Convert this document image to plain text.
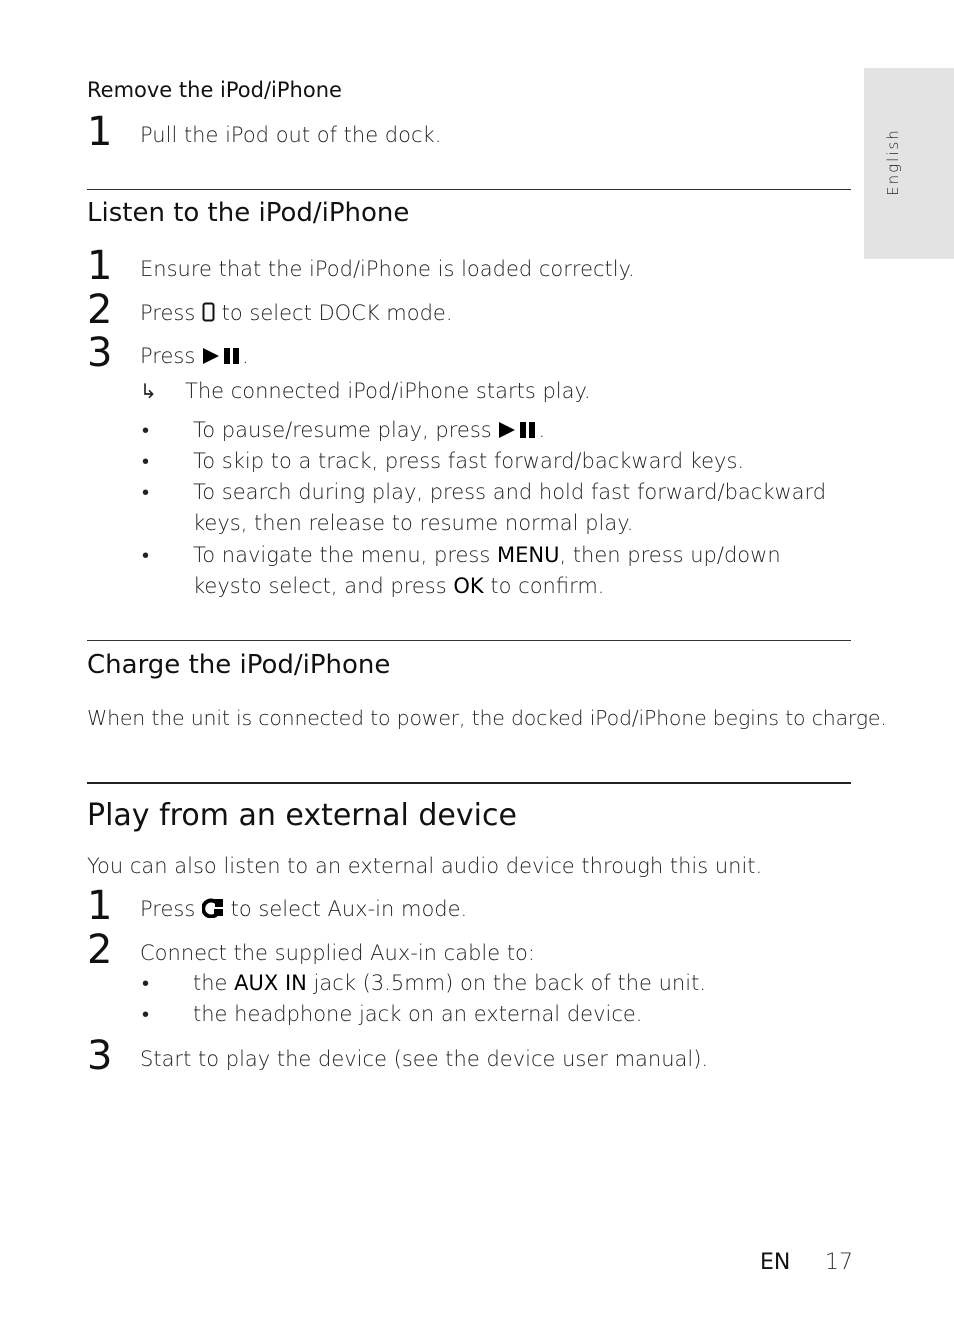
English
Remove the iPod/iPhone
1	Pull the iPod out of the dock.
Listen to the iPod/iPhone
1	Ensure that the iPod/iPhone is loaded correctly.
2	Press to select DOCK mode.
3	Press .
↳ The connected iPod/iPhone starts play.
• To pause/resume play, press .
• To skip to a track, press fast forward/backward keys.
• To search during play, press and hold fast forward/backward keys, then release to resume normal play.
• To navigate the menu, press MENU, then press up/down keysto select, and press OK to confirm.
Charge the iPod/iPhone
When the unit is connected to power, the docked iPod/iPhone begins to charge.
Play from an external device
You can also listen to an external audio device through this unit.
1	Press to select Aux-in mode.
2	Connect the supplied Aux-in cable to:
• the AUX IN jack (3.5mm) on the back of the unit.
• the headphone jack on an external device.
3	Start to play the device (see the device user manual).
EN 17
